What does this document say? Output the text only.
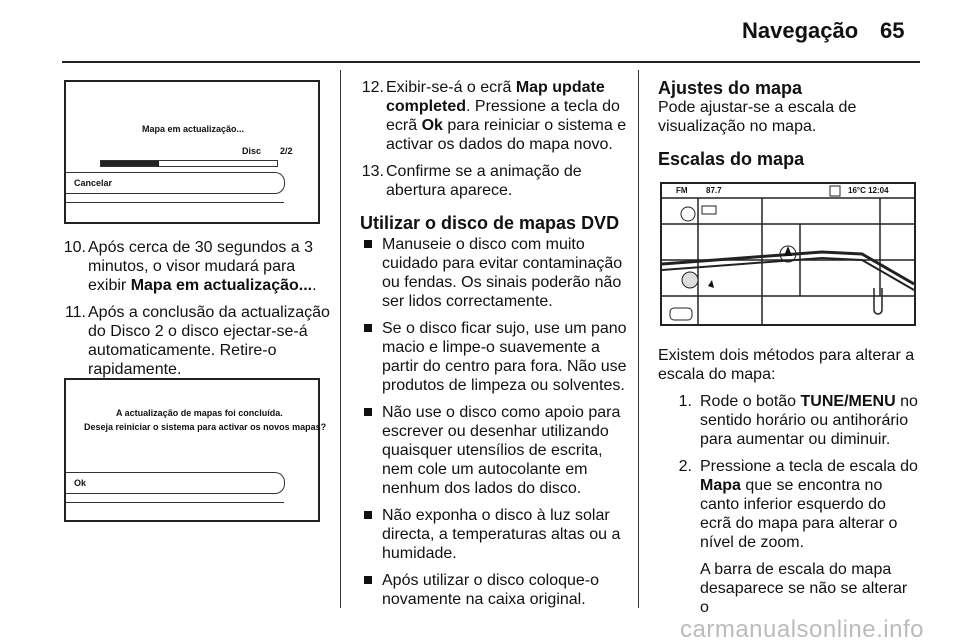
Navegação 65
Mapa em actualização...
Disc 2/2
Cancelar
A actualização de mapas foi concluída.
Deseja reiniciar o sistema para activar os novos mapas?
Ok
10. Após cerca de 30 segundos a 3 minutos, o visor mudará para exibir Mapa em actualização....
11. Após a conclusão da actualização do Disco 2 o disco ejectar-se-á automaticamente. Retire-o rapidamente.
12. Exibir-se-á o ecrã Map update completed. Pressione a tecla do ecrã Ok para reiniciar o sistema e activar os dados do mapa novo.
13. Confirme se a animação de abertura aparece.
Utilizar o disco de mapas DVD
Manuseie o disco com muito cuidado para evitar contaminação ou fendas. Os sinais poderão não ser lidos correctamente.
Se o disco ficar sujo, use um pano macio e limpe-o suavemente a partir do centro para fora. Não use produtos de limpeza ou solventes.
Não use o disco como apoio para escrever ou desenhar utilizando quaisquer utensílios de escrita, nem cole um autocolante em nenhum dos lados do disco.
Não exponha o disco à luz solar directa, a temperaturas altas ou a humidade.
Após utilizar o disco coloque-o novamente na caixa original.
Ajustes do mapa
Pode ajustar-se a escala de visualização no mapa.
Escalas do mapa
FM 87.7	16°C 12:04
Existem dois métodos para alterar a escala do mapa:
1. Rode o botão TUNE/MENU no sentido horário ou antihorário para aumentar ou diminuir.
2. Pressione a tecla de escala do Mapa que se encontra no canto inferior esquerdo do ecrã do mapa para alterar o nível de zoom.
A barra de escala do mapa desaparece se não se alterar o
carmanualsonline.info
